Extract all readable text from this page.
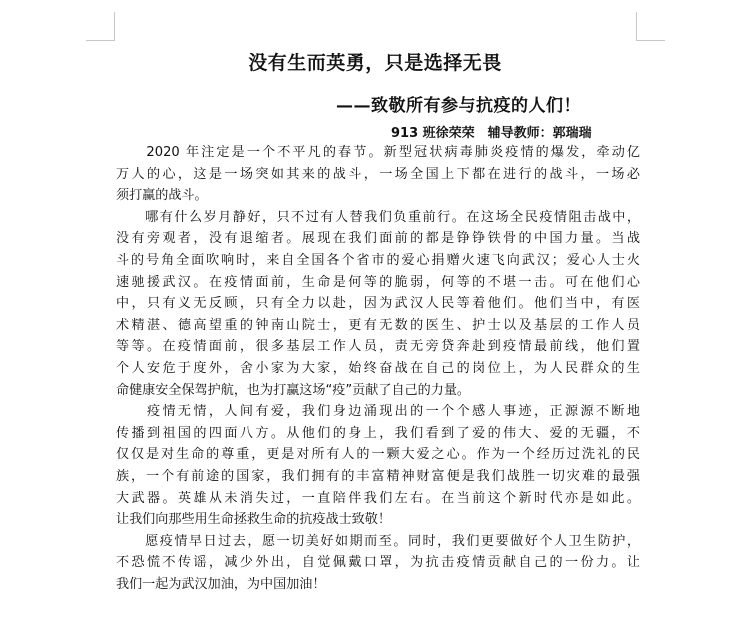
没有生而英勇，只是选择无畏
——致敬所有参与抗疫的人们！
913 班徐荣荣　辅导教师：郭瑞瑞
　　2020 年注定是一个不平凡的春节。新型冠状病毒肺炎疫情的爆发，牵动亿
万人的心，这是一场突如其来的战斗，一场全国上下都在进行的战斗，一场必
须打赢的战斗。
　　哪有什么岁月静好，只不过有人替我们负重前行。在这场全民疫情阻击战中，
没有旁观者，没有退缩者。展现在我们面前的都是铮铮铁骨的中国力量。当战
斗的号角全面吹响时，来自全国各个省市的爱心捐赠火速飞向武汉；爱心人士火
速驰援武汉。在疫情面前，生命是何等的脆弱，何等的不堪一击。可在他们心
中，只有义无反顾，只有全力以赴，因为武汉人民等着他们。他们当中，有医
术精湛、德高望重的钟南山院士，更有无数的医生、护士以及基层的工作人员
等等。在疫情面前，很多基层工作人员，责无旁贷奔赴到疫情最前线，他们置
个人安危于度外，舍小家为大家，始终奋战在自己的岗位上，为人民群众的生
命健康安全保驾护航，也为打赢这场“疫”贡献了自己的力量。
　　疫情无情，人间有爱，我们身边涌现出的一个个感人事迹，正源源不断地
传播到祖国的四面八方。从他们的身上，我们看到了爱的伟大、爱的无疆，不
仅仅是对生命的尊重，更是对所有人的一颗大爱之心。作为一个经历过洗礼的民
族，一个有前途的国家，我们拥有的丰富精神财富便是我们战胜一切灾难的最强
大武器。英雄从未消失过，一直陪伴我们左右。在当前这个新时代亦是如此。
让我们向那些用生命拯救生命的抗疫战士致敬！
　　愿疫情早日过去，愿一切美好如期而至。同时，我们更要做好个人卫生防护，
不恐慌不传谣，减少外出，自觉佩戴口罩，为抗击疫情贡献自己的一份力。让
我们一起为武汉加油，为中国加油！
